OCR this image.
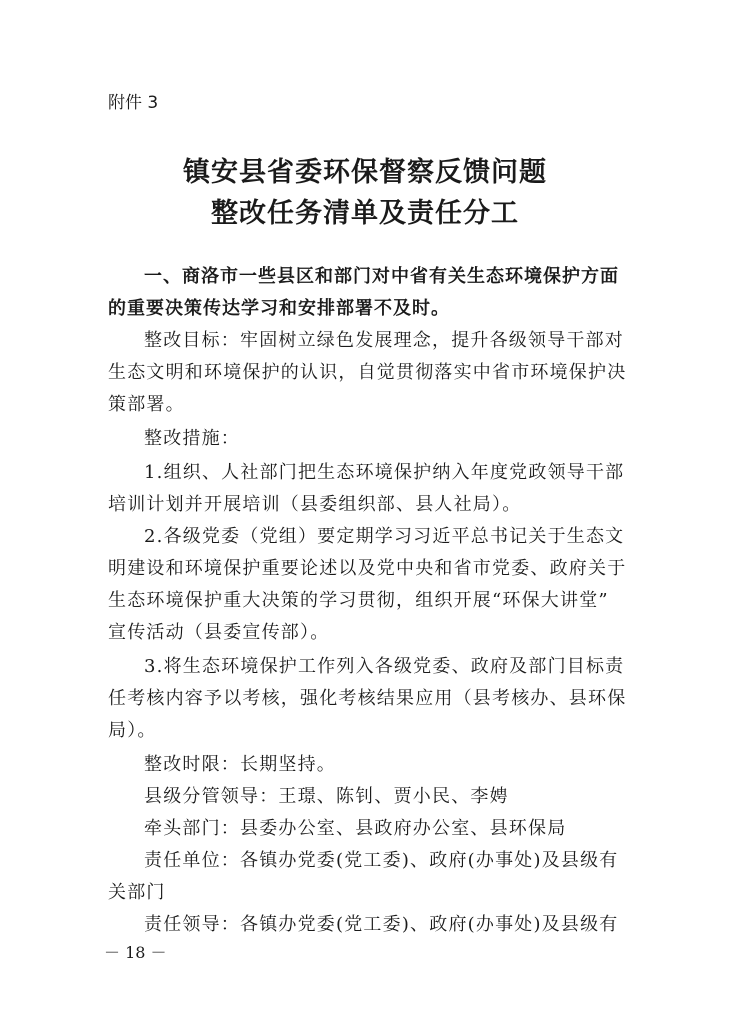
附件 3
镇安县省委环保督察反馈问题
整改任务清单及责任分工
一、商洛市一些县区和部门对中省有关生态环境保护方面
的重要决策传达学习和安排部署不及时。
整改目标：牢固树立绿色发展理念，提升各级领导干部对
生态文明和环境保护的认识，自觉贯彻落实中省市环境保护决
策部署。
整改措施：
1.组织、人社部门把生态环境保护纳入年度党政领导干部
培训计划并开展培训（县委组织部、县人社局）。
2.各级党委（党组）要定期学习习近平总书记关于生态文
明建设和环境保护重要论述以及党中央和省市党委、政府关于
生态环境保护重大决策的学习贯彻，组织开展“环保大讲堂”
宣传活动（县委宣传部）。
3.将生态环境保护工作列入各级党委、政府及部门目标责
任考核内容予以考核，强化考核结果应用（县考核办、县环保
局）。
整改时限：长期坚持。
县级分管领导：王璟、陈钊、贾小民、李娉
牵头部门：县委办公室、县政府办公室、县环保局
责任单位：各镇办党委(党工委)、政府(办事处)及县级有
关部门
责任领导：各镇办党委(党工委)、政府(办事处)及县级有
－ 18 －
